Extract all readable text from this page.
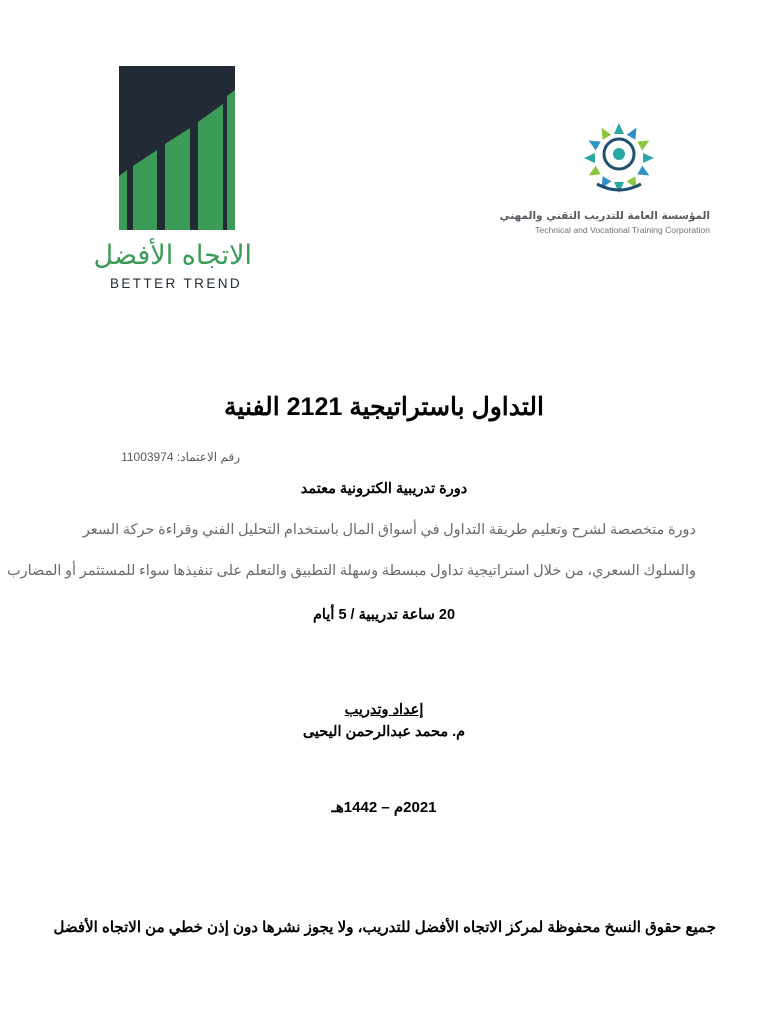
الاتجاه الأفضل
BETTER TREND
المؤسسة العامة للتدريب التقني والمهني
Technical and Vocational Training Corporation
التداول باستراتيجية 2121 الفنية
رقم الاعتماد: 11003974
دورة تدريبية الكترونية معتمد
دورة متخصصة لشرح وتعليم طريقة التداول في أسواق المال باستخدام التحليل الفني وقراءة حركة السعر
والسلوك السعري، من خلال استراتيجية تداول مبسطة وسهلة التطبيق والتعلم على تنفيذها سواء للمستثمر أو المضارب
20 ساعة تدريبية / 5 أيام
إعداد وتدريب
م. محمد عبدالرحمن اليحيى
2021م – 1442هـ
جميع حقوق النسخ محفوظة لمركز الاتجاه الأفضل للتدريب، ولا يجوز نشرها دون إذن خطي من الاتجاه الأفضل
